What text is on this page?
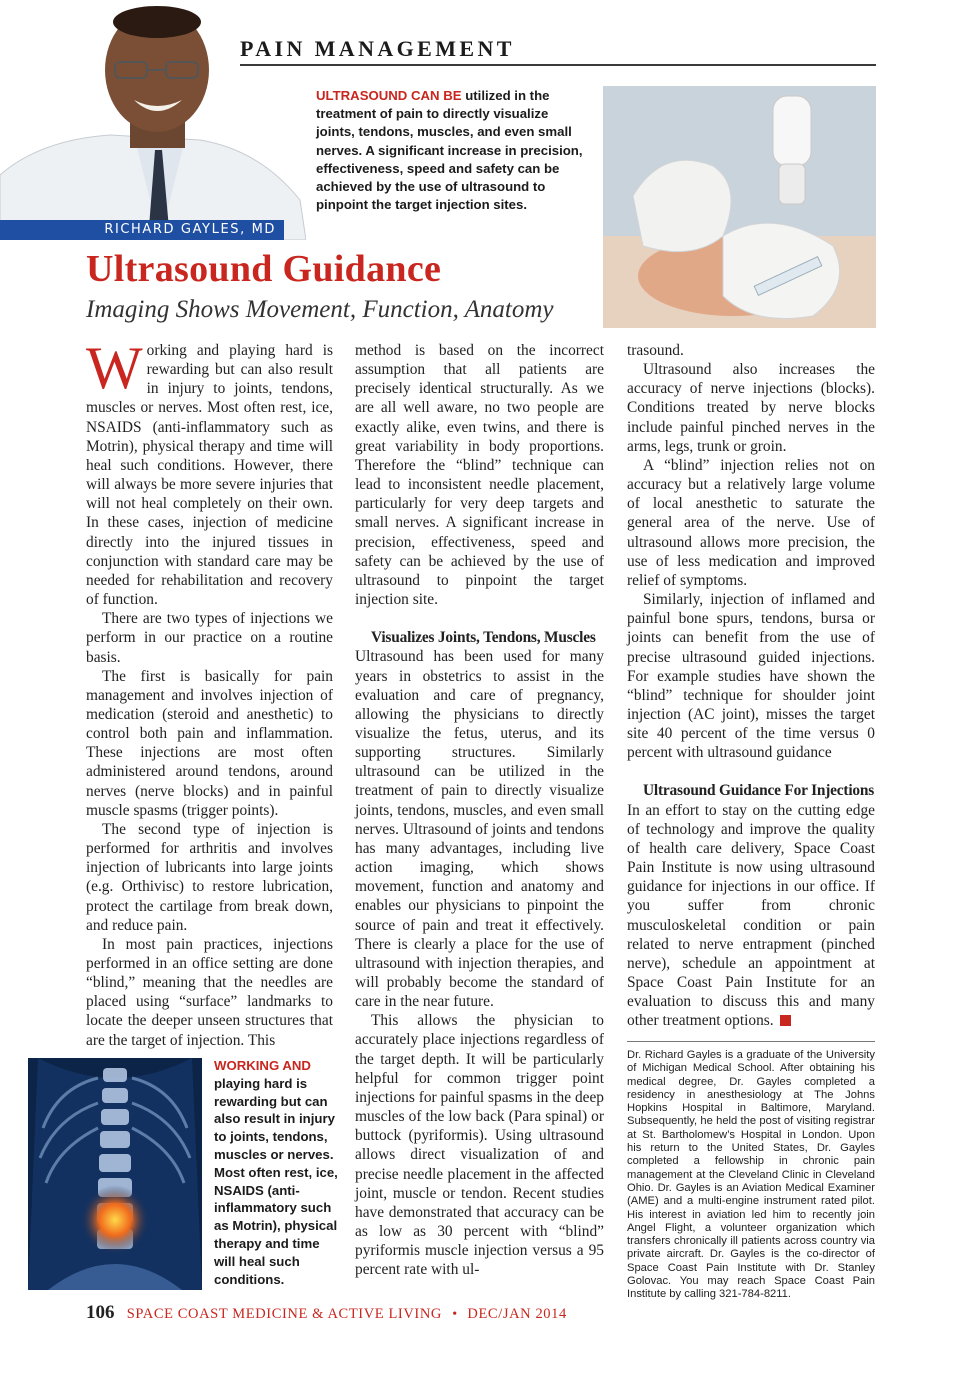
RICHARD GAYLES, MD
PAIN MANAGEMENT
ULTRASOUND CAN BE utilized in the treatment of pain to directly visualize joints, tendons, muscles, and even small nerves. A significant increase in precision, effectiveness, speed and safety can be achieved by the use of ultrasound to pinpoint the target injection sites.
Ultrasound Guidance
Imaging Shows Movement, Function, Anatomy

Working and playing hard is rewarding but can also result in injury to joints, tendons, muscles or nerves. Most often rest, ice, NSAIDS (anti-inflammatory such as Motrin), physical therapy and time will heal such conditions. However, there will always be more severe injuries that will not heal completely on their own. In these cases, injection of medicine directly into the injured tissues in conjunction with standard care may be needed for rehabilitation and recovery of function.

There are two types of injections we perform in our practice on a routine basis.

The first is basically for pain management and involves injection of medication (steroid and anesthetic) to control both pain and inflammation. These injections are most often administered around tendons, around nerves (nerve blocks) and in painful muscle spasms (trigger points).

The second type of injection is performed for arthritis and involves injection of lubricants into large joints (e.g. Orthivisc) to restore lubrication, protect the cartilage from break down, and reduce pain.

In most pain practices, injections performed in an office setting are done “blind,” meaning that the needles are placed using “surface” landmarks to locate the deeper unseen structures that are the target of injection. This

method is based on the incorrect assumption that all patients are precisely identical structurally. As we are all well aware, no two people are exactly alike, even twins, and there is great variability in body proportions. Therefore the “blind” technique can lead to inconsistent needle placement, particularly for very deep targets and small nerves. A significant increase in precision, effectiveness, speed and safety can be achieved by the use of ultrasound to pinpoint the target injection site.

Visualizes Joints, Tendons, Muscles

Ultrasound has been used for many years in obstetrics to assist in the evaluation and care of pregnancy, allowing the physicians to directly visualize the fetus, uterus, and its supporting structures. Similarly ultrasound can be utilized in the treatment of pain to directly visualize joints, tendons, muscles, and even small nerves. Ultrasound of joints and tendons has many advantages, including live action imaging, which shows movement, function and anatomy and enables our physicians to pinpoint the source of pain and treat it effectively. There is clearly a place for the use of ultrasound with injection therapies, and will probably become the standard of care in the near future.

This allows the physician to accurately place injections regardless of the target depth. It will be particularly helpful for common trigger point injections for painful spasms in the deep muscles of the low back (Para spinal) or buttock (pyriformis). Using ultrasound allows direct visualization of and precise needle placement in the affected joint, muscle or tendon. Recent studies have demonstrated that accuracy can be as low as 30 percent with “blind” pyriformis muscle injection versus a 95 percent rate with ul-

trasound.

Ultrasound also increases the accuracy of nerve injections (blocks). Conditions treated by nerve blocks include painful pinched nerves in the arms, legs, trunk or groin.

A “blind” injection relies not on accuracy but a relatively large volume of local anesthetic to saturate the general area of the nerve. Use of ultrasound allows more precision, the use of less medication and improved relief of symptoms.

Similarly, injection of inflamed and painful bone spurs, tendons, bursa or joints can benefit from the use of precise ultrasound guided injections. For example studies have shown the “blind” technique for shoulder joint injection (AC joint), misses the target site 40 percent of the time versus 0 percent with ultrasound guidance

Ultrasound Guidance For Injections

In an effort to stay on the cutting edge of technology and improve the quality of health care delivery, Space Coast Pain Institute is now using ultrasound guidance for injections in our office. If you suffer from chronic musculoskeletal condition or pain related to nerve entrapment (pinched nerve), schedule an appointment at Space Coast Pain Institute for an evaluation to discuss this and many other treatment options.

WORKING AND playing hard is rewarding but can also result in injury to joints, tendons, muscles or nerves. Most often rest, ice, NSAIDS (anti-inflammatory such as Motrin), physical therapy and time will heal such conditions.
Dr. Richard Gayles is a graduate of the University of Michigan Medical School. After obtaining his medical degree, Dr. Gayles completed a residency in anesthesiology at The Johns Hopkins Hospital in Baltimore, Maryland. Subsequently, he held the post of visiting registrar at St. Bartholomew’s Hospital in London. Upon his return to the United States, Dr. Gayles completed a fellowship in chronic pain management at the Cleveland Clinic in Cleveland Ohio. Dr. Gayles is an Aviation Medical Examiner (AME) and a multi-engine instrument rated pilot. His interest in aviation led him to recently join Angel Flight, a volunteer organization which transfers chronically ill patients across country via private aircraft. Dr. Gayles is the co-director of Space Coast Pain Institute with Dr. Stanley Golovac. You may reach Space Coast Pain Institute by calling 321-784-8211.
106 SPACE COAST MEDICINE & ACTIVE LIVING • DEC/JAN 2014
